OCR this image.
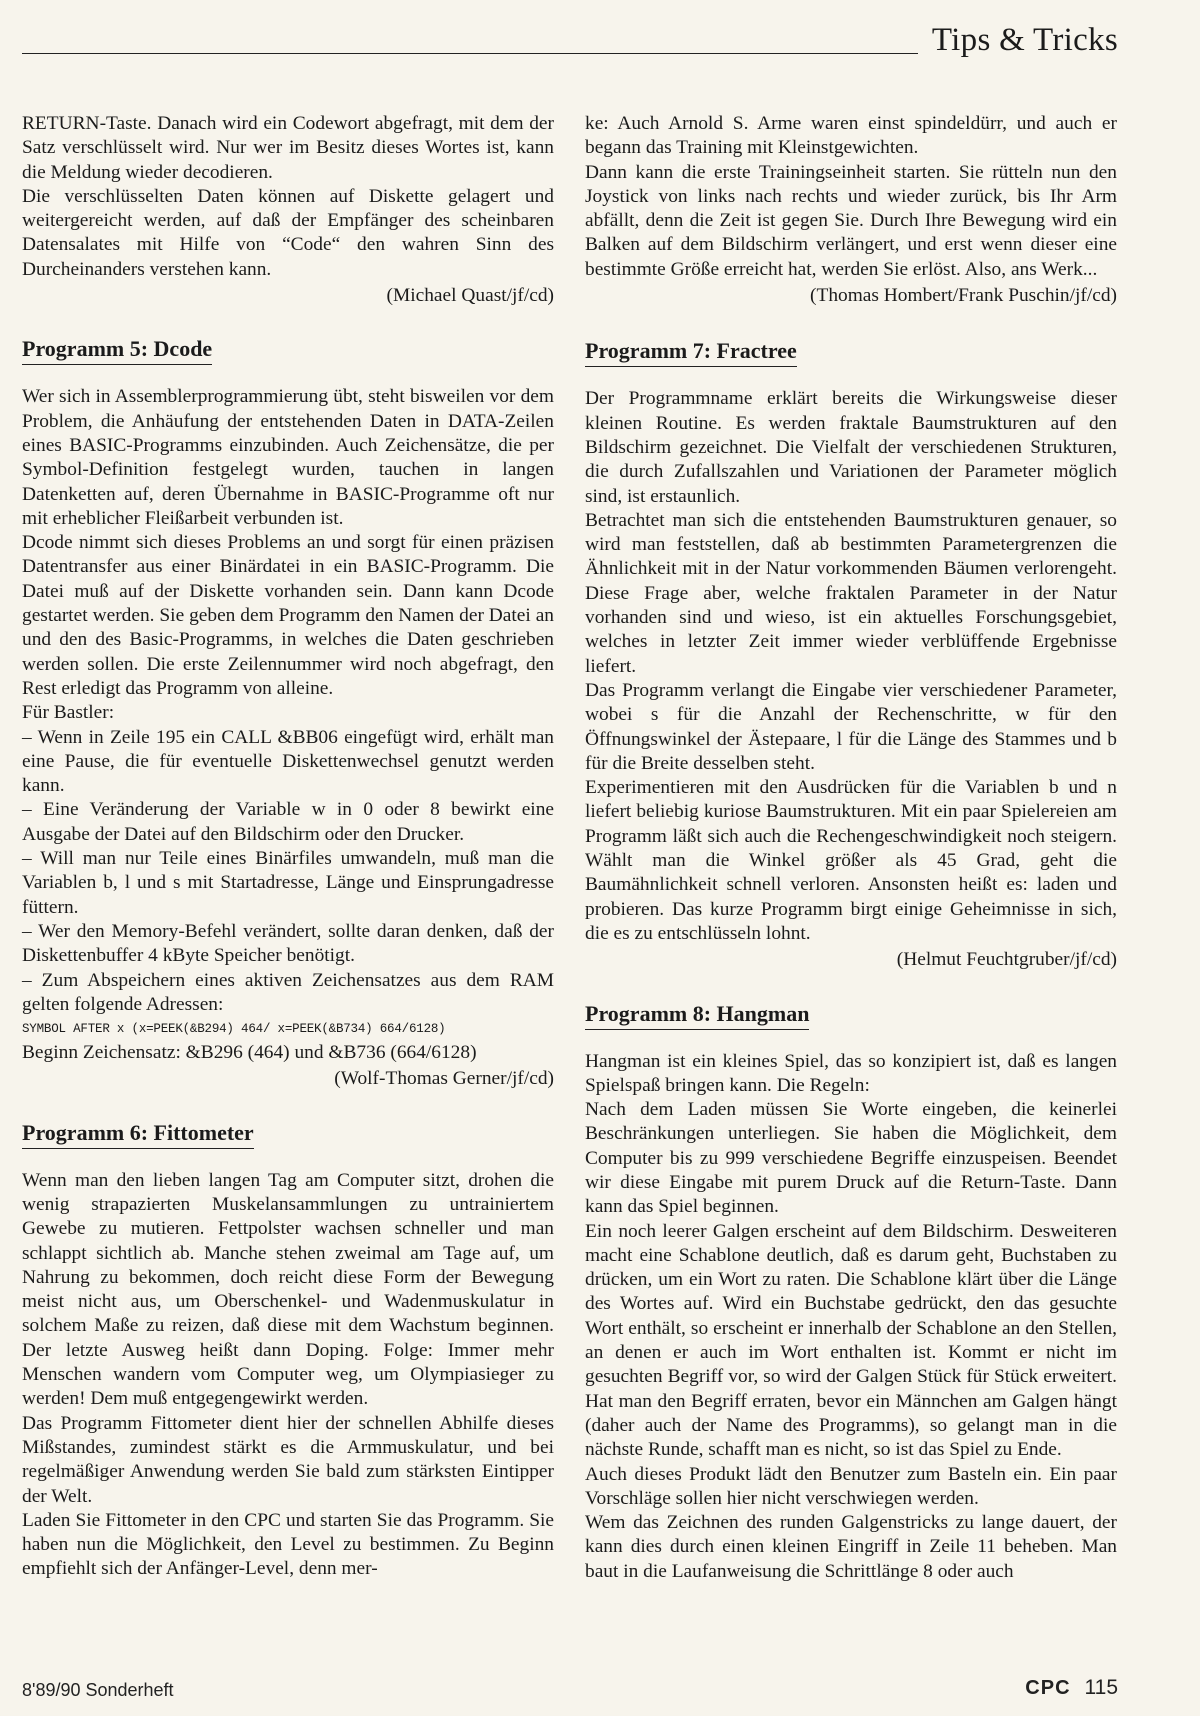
Tips & Tricks

RETURN-Taste. Danach wird ein Codewort abgefragt, mit dem der Satz verschlüsselt wird. Nur wer im Besitz dieses Wortes ist, kann die Meldung wieder decodieren.

Die verschlüsselten Daten können auf Diskette gelagert und weitergereicht werden, auf daß der Empfänger des scheinbaren Datensalates mit Hilfe von “Code“ den wahren Sinn des Durcheinanders verstehen kann.

(Michael Quast/jf/cd)

Programm 5: Dcode

Wer sich in Assemblerprogrammierung übt, steht bisweilen vor dem Problem, die Anhäufung der entstehenden Daten in DATA-Zeilen eines BASIC-Programms einzubinden. Auch Zeichensätze, die per Symbol-Definition festgelegt wurden, tauchen in langen Datenketten auf, deren Übernahme in BASIC-Programme oft nur mit erheblicher Fleißarbeit verbunden ist.

Dcode nimmt sich dieses Problems an und sorgt für einen präzisen Datentransfer aus einer Binärdatei in ein BASIC-Programm. Die Datei muß auf der Diskette vorhanden sein. Dann kann Dcode gestartet werden. Sie geben dem Programm den Namen der Datei an und den des Basic-Programms, in welches die Daten geschrieben werden sollen. Die erste Zeilennummer wird noch abgefragt, den Rest erledigt das Programm von alleine.

Für Bastler:

– Wenn in Zeile 195 ein CALL &BB06 eingefügt wird, erhält man eine Pause, die für eventuelle Diskettenwechsel genutzt werden kann.

– Eine Veränderung der Variable w in 0 oder 8 bewirkt eine Ausgabe der Datei auf den Bildschirm oder den Drucker.

– Will man nur Teile eines Binärfiles umwandeln, muß man die Variablen b, l und s mit Startadresse, Länge und Einsprungadresse füttern.

– Wer den Memory-Befehl verändert, sollte daran denken, daß der Diskettenbuffer 4 kByte Speicher benötigt.

– Zum Abspeichern eines aktiven Zeichensatzes aus dem RAM gelten folgende Adressen:

SYMBOL AFTER x (x=PEEK(&B294) 464/ x=PEEK(&B734) 664/6128)

Beginn Zeichensatz: &B296 (464) und &B736 (664/6128)

(Wolf-Thomas Gerner/jf/cd)

Programm 6: Fittometer

Wenn man den lieben langen Tag am Computer sitzt, drohen die wenig strapazierten Muskelansammlungen zu untrainiertem Gewebe zu mutieren. Fettpolster wachsen schneller und man schlappt sichtlich ab. Manche stehen zweimal am Tage auf, um Nahrung zu bekommen, doch reicht diese Form der Bewegung meist nicht aus, um Oberschenkel- und Wadenmuskulatur in solchem Maße zu reizen, daß diese mit dem Wachstum beginnen. Der letzte Ausweg heißt dann Doping. Folge: Immer mehr Menschen wandern vom Computer weg, um Olympiasieger zu werden! Dem muß entgegengewirkt werden.

Das Programm Fittometer dient hier der schnellen Abhilfe dieses Mißstandes, zumindest stärkt es die Armmuskulatur, und bei regelmäßiger Anwendung werden Sie bald zum stärksten Eintipper der Welt.

Laden Sie Fittometer in den CPC und starten Sie das Programm. Sie haben nun die Möglichkeit, den Level zu bestimmen. Zu Beginn empfiehlt sich der Anfänger-Level, denn mer-

ke: Auch Arnold S. Arme waren einst spindeldürr, und auch er begann das Training mit Kleinstgewichten.

Dann kann die erste Trainingseinheit starten. Sie rütteln nun den Joystick von links nach rechts und wieder zurück, bis Ihr Arm abfällt, denn die Zeit ist gegen Sie. Durch Ihre Bewegung wird ein Balken auf dem Bildschirm verlängert, und erst wenn dieser eine bestimmte Größe erreicht hat, werden Sie erlöst. Also, ans Werk...

(Thomas Hombert/Frank Puschin/jf/cd)

Programm 7: Fractree

Der Programmname erklärt bereits die Wirkungsweise dieser kleinen Routine. Es werden fraktale Baumstrukturen auf den Bildschirm gezeichnet. Die Vielfalt der verschiedenen Strukturen, die durch Zufallszahlen und Variationen der Parameter möglich sind, ist erstaunlich.

Betrachtet man sich die entstehenden Baumstrukturen genauer, so wird man feststellen, daß ab bestimmten Parametergrenzen die Ähnlichkeit mit in der Natur vorkommenden Bäumen verlorengeht. Diese Frage aber, welche fraktalen Parameter in der Natur vorhanden sind und wieso, ist ein aktuelles Forschungsgebiet, welches in letzter Zeit immer wieder verblüffende Ergebnisse liefert.

Das Programm verlangt die Eingabe vier verschiedener Parameter, wobei s für die Anzahl der Rechenschritte, w für den Öffnungswinkel der Ästepaare, l für die Länge des Stammes und b für die Breite desselben steht.

Experimentieren mit den Ausdrücken für die Variablen b und n liefert beliebig kuriose Baumstrukturen. Mit ein paar Spielereien am Programm läßt sich auch die Rechengeschwindigkeit noch steigern. Wählt man die Winkel größer als 45 Grad, geht die Baumähnlichkeit schnell verloren. Ansonsten heißt es: laden und probieren. Das kurze Programm birgt einige Geheimnisse in sich, die es zu entschlüsseln lohnt.

(Helmut Feuchtgruber/jf/cd)

Programm 8: Hangman

Hangman ist ein kleines Spiel, das so konzipiert ist, daß es langen Spielspaß bringen kann. Die Regeln:

Nach dem Laden müssen Sie Worte eingeben, die keinerlei Beschränkungen unterliegen. Sie haben die Möglichkeit, dem Computer bis zu 999 verschiedene Begriffe einzuspeisen. Beendet wir diese Eingabe mit purem Druck auf die Return-Taste. Dann kann das Spiel beginnen.

Ein noch leerer Galgen erscheint auf dem Bildschirm. Desweiteren macht eine Schablone deutlich, daß es darum geht, Buchstaben zu drücken, um ein Wort zu raten. Die Schablone klärt über die Länge des Wortes auf. Wird ein Buchstabe gedrückt, den das gesuchte Wort enthält, so erscheint er innerhalb der Schablone an den Stellen, an denen er auch im Wort enthalten ist. Kommt er nicht im gesuchten Begriff vor, so wird der Galgen Stück für Stück erweitert. Hat man den Begriff erraten, bevor ein Männchen am Galgen hängt (daher auch der Name des Programms), so gelangt man in die nächste Runde, schafft man es nicht, so ist das Spiel zu Ende.

Auch dieses Produkt lädt den Benutzer zum Basteln ein. Ein paar Vorschläge sollen hier nicht verschwiegen werden.

Wem das Zeichnen des runden Galgenstricks zu lange dauert, der kann dies durch einen kleinen Eingriff in Zeile 11 beheben. Man baut in die Laufanweisung die Schrittlänge 8 oder auch

8'89/90 Sonderheft	CPC 115
